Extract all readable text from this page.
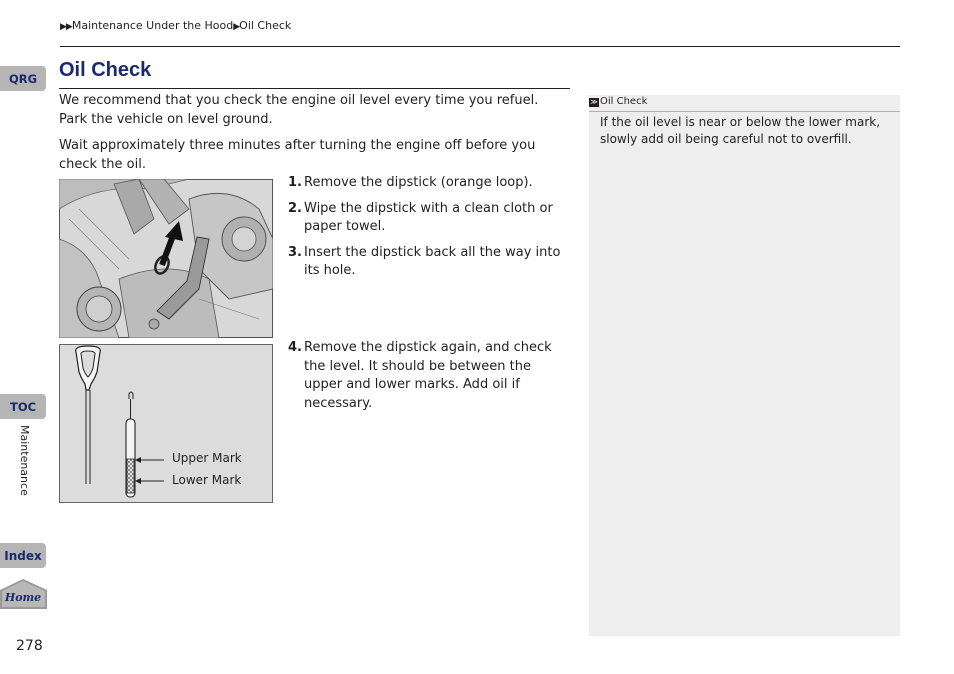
▶▶Maintenance Under the Hood▶Oil Check
QRG
TOC
Maintenance
Index
Home
278
Oil Check
We recommend that you check the engine oil level every time you refuel.
Park the vehicle on level ground.
Wait approximately three minutes after turning the engine off before you check the oil.
1. Remove the dipstick (orange loop).
2. Wipe the dipstick with a clean cloth or paper towel.
3. Insert the dipstick back all the way into its hole.
Upper Mark
Lower Mark
4. Remove the dipstick again, and check the level. It should be between the upper and lower marks. Add oil if necessary.
≫ Oil Check
If the oil level is near or below the lower mark, slowly add oil being careful not to overfill.
